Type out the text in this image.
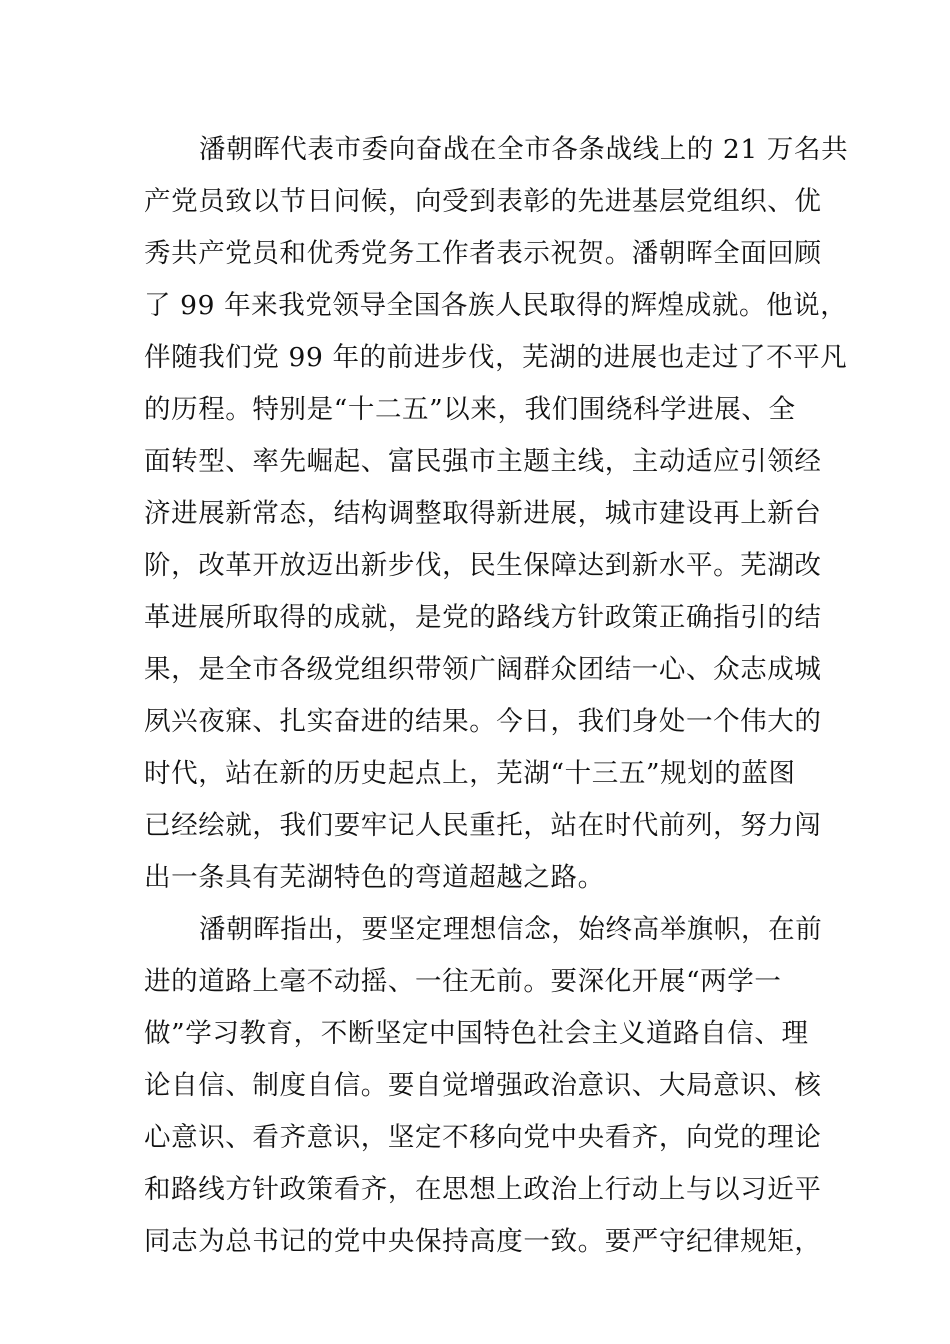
潘朝晖代表市委向奋战在全市各条战线上的 21 万名共
产党员致以节日问候，向受到表彰的先进基层党组织、优
秀共产党员和优秀党务工作者表示祝贺。潘朝晖全面回顾
了 99 年来我党领导全国各族人民取得的辉煌成就。他说，
伴随我们党 99 年的前进步伐，芜湖的进展也走过了不平凡
的历程。特别是“十二五”以来，我们围绕科学进展、全
面转型、率先崛起、富民强市主题主线，主动适应引领经
济进展新常态，结构调整取得新进展，城市建设再上新台
阶，改革开放迈出新步伐，民生保障达到新水平。芜湖改
革进展所取得的成就，是党的路线方针政策正确指引的结
果，是全市各级党组织带领广阔群众团结一心、众志成城
夙兴夜寐、扎实奋进的结果。今日，我们身处一个伟大的
时代，站在新的历史起点上，芜湖“十三五”规划的蓝图
已经绘就，我们要牢记人民重托，站在时代前列，努力闯
出一条具有芜湖特色的弯道超越之路。
潘朝晖指出，要坚定理想信念，始终高举旗帜，在前
进的道路上毫不动摇、一往无前。要深化开展“两学一
做”学习教育，不断坚定中国特色社会主义道路自信、理
论自信、制度自信。要自觉增强政治意识、大局意识、核
心意识、看齐意识，坚定不移向党中央看齐，向党的理论
和路线方针政策看齐，在思想上政治上行动上与以习近平
同志为总书记的党中央保持高度一致。要严守纪律规矩，
